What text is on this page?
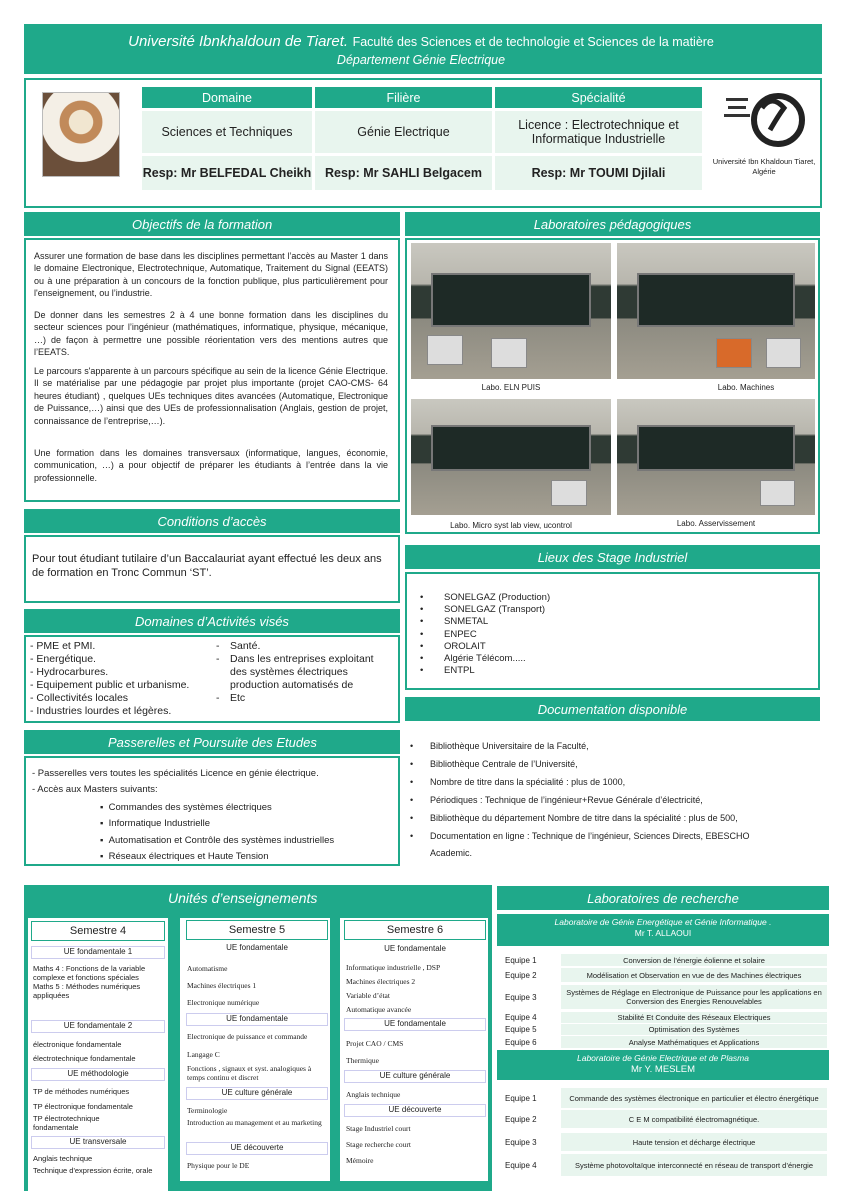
Université Ibnkhaldoun de Tiaret. Faculté des Sciences et de technologie et Sciences de la matière
Département Génie Electrique
Domaine	Filière	Spécialité
Sciences et Techniques	Génie Electrique	Licence : Electrotechnique et Informatique Industrielle
Resp: Mr BELFEDAL Cheikh	Resp: Mr SAHLI Belgacem	Resp: Mr TOUMI Djilali
Université Ibn Khaldoun Tiaret, Algérie
Objectifs de la formation
Assurer une formation de base dans les disciplines permettant l’accès au Master 1 dans le domaine Electronique, Electrotechnique, Automatique, Traitement du Signal (EEATS) ou à une préparation à un concours de la fonction publique, plus particulièrement pour l'enseignement, ou l’industrie.
De donner dans les semestres 2 à 4 une bonne formation dans les disciplines du secteur sciences pour l’ingénieur (mathématiques, informatique, physique, mécanique, …) de façon à permettre une possible réorientation vers des mentions autres que l’EEATS.
Le parcours s'apparente à un parcours spécifique au sein de la licence Génie Electrique. Il se matérialise par une pédagogie par projet plus importante (projet CAO-CMS- 64 heures étudiant) , quelques UEs techniques dites avancées (Automatique, Electronique de Puissance,…) ainsi que des UEs de professionnalisation (Anglais, gestion de projet, connaissance de l’entreprise,…).
Une formation dans les domaines transversaux (informatique, langues, économie, communication, …) a pour objectif de préparer les étudiants à l’entrée dans la vie professionnelle.
Laboratoires pédagogiques
Labo. ELN PUIS	Labo. Machines
Labo. Micro syst lab view, ucontrol	Labo. Asservissement
Conditions d’accès
Pour tout étudiant tutilaire d’un Baccalauriat ayant effectué les deux ans de formation en Tronc Commun ‘ST’.
Lieux des Stage Industriel
• SONELGAZ (Production)
• SONELGAZ (Transport)
• SNMETAL
• ENPEC
• OROLAIT
• Algérie Télécom.....
• ENTPL
Domaines d’Activités visés
- PME et PMI.
- Energétique.
- Hydrocarbures.
- Equipement public et urbanisme.
- Collectivités locales
- Industries lourdes et légères.
-	Santé.
-	Dans les entreprises exploitant des systèmes électriques production automatisés de
-	Etc
Documentation disponible
• Bibliothèque Universitaire de la Faculté,
• Bibliothèque Centrale de l’Université,
• Nombre de titre dans la spécialité : plus de 1000,
• Périodiques : Technique de l’ingénieur+Revue Générale d’électricité,
• Bibliothèque du département Nombre de titre dans la spécialité : plus de 500,
• Documentation en ligne : Technique de l’ingénieur, Sciences Directs, EBESCHO
Academic.
Passerelles et Poursuite des Etudes
- Passerelles vers toutes les spécialités Licence en génie électrique.
- Accès aux Masters suivants:
▪  Commandes des systèmes électriques
▪  Informatique Industrielle
▪  Automatisation et Contrôle des systèmes industrielles
▪  Réseaux électriques et Haute Tension
Unités d’enseignements
Semestre 4
UE fondamentale 1
Maths 4 : Fonctions de la variable complexe et fonctions spéciales
Maths 5 : Méthodes numériques appliquées
UE fondamentale 2
électronique fondamentale
électrotechnique fondamentale
UE méthodologie
TP de méthodes numériques
TP électronique fondamentale
TP électrotechnique fondamentale
UE transversale
Anglais technique
Technique d'expression écrite, orale
Semestre 5
UE fondamentale
Automatisme
Machines électriques 1
Electronique numérique
UE fondamentale
Electronique de puissance et commande
Langage C
Fonctions , signaux et syst. analogiques à temps continu et discret
UE culture générale
Terminologie
Introduction au management et au marketing
UE découverte
Physique pour le DE
Semestre 6
UE fondamentale
Informatique industrielle , DSP
Machines électriques 2
Variable d’état
Automatique avancée
UE fondamentale
Projet CAO / CMS
Thermique
UE culture générale
Anglais technique
UE découverte
Stage Industriel court
Stage recherche court
Mémoire
Laboratoires de recherche
Laboratoire de Génie Energétique et Génie Informatique .
Mr T. ALLAOUI
Equipe 1	Conversion de l’énergie éolienne et solaire
Equipe 2	Modélisation et Observation en vue de des Machines électriques
Equipe 3	Systèmes de Réglage en Electronique de Puissance pour les applications en Conversion des Energies Renouvelables
Equipe 4	Stabilité Et Conduite des Réseaux Electriques
Equipe 5	Optimisation des Systèmes
Equipe 6	Analyse Mathématiques et Applications
Laboratoire de Génie Electrique et de Plasma
Mr Y. MESLEM
Equipe 1	Commande des systèmes électronique en particulier et électro énergétique
Equipe 2	C E M compatibilité électromagnétique.
Equipe 3	Haute tension et décharge électrique
Equipe 4	Système photovoltaïque interconnecté en réseau de transport d’énergie
